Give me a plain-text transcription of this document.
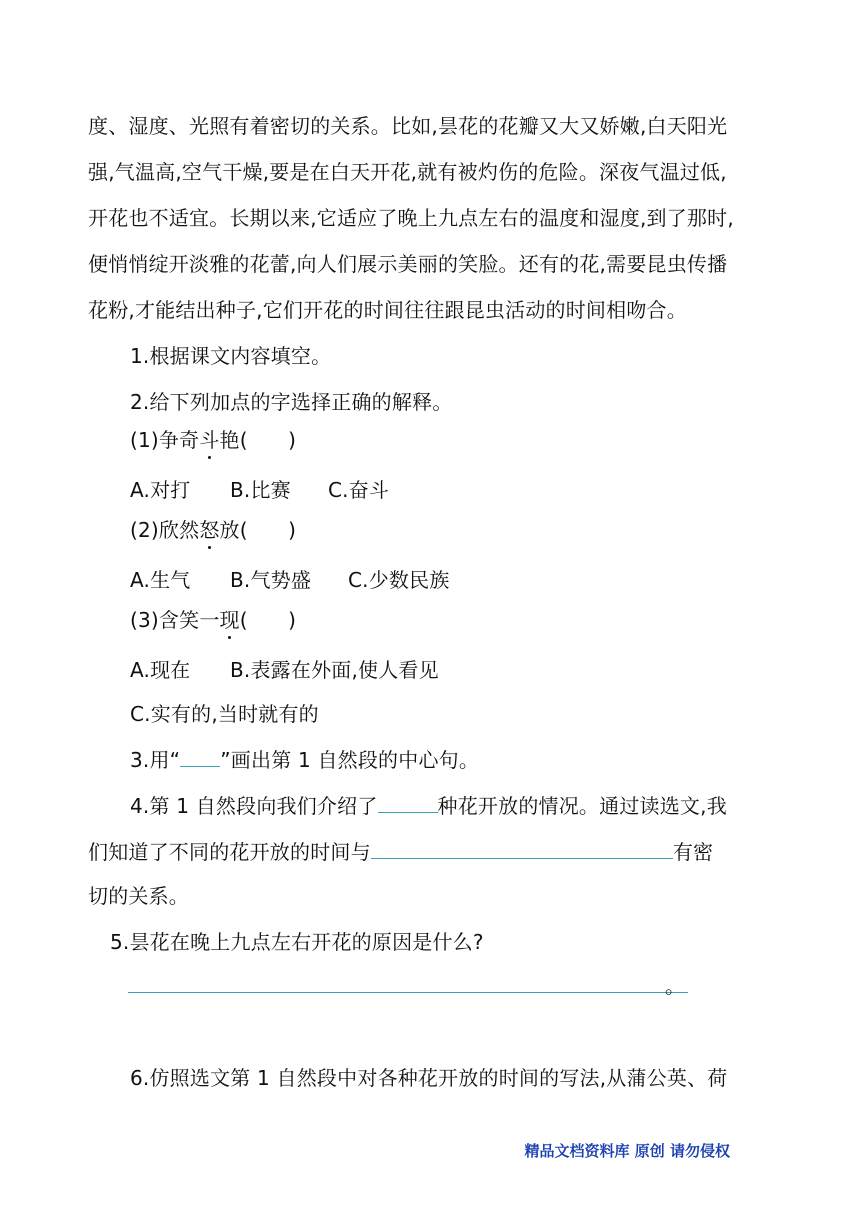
度、湿度、光照有着密切的关系。比如,昙花的花瓣又大又娇嫩,白天阳光
强,气温高,空气干燥,要是在白天开花,就有被灼伤的危险。深夜气温过低,
开花也不适宜。长期以来,它适应了晚上九点左右的温度和湿度,到了那时,
便悄悄绽开淡雅的花蕾,向人们展示美丽的笑脸。还有的花,需要昆虫传播
花粉,才能结出种子,它们开花的时间往往跟昆虫活动的时间相吻合。
1.根据课文内容填空。
2.给下列加点的字选择正确的解释。
(1)争奇斗艳(　　)
A.对打 B.比赛 C.奋斗
(2)欣然怒放(　　)
A.生气 B.气势盛 C.少数民族
(3)含笑一现(　　)
A.现在 B.表露在外面,使人看见
C.实有的,当时就有的
3.用“ ”画出第 1 自然段的中心句。
4.第 1 自然段向我们介绍了	种花开放的情况。通过读选文,我
们知道了不同的花开放的时间与	有密
切的关系。
5.昙花在晚上九点左右开花的原因是什么?
。
6.仿照选文第 1 自然段中对各种花开放的时间的写法,从蒲公英、荷
精品文档资料库 原创 请勿侵权
